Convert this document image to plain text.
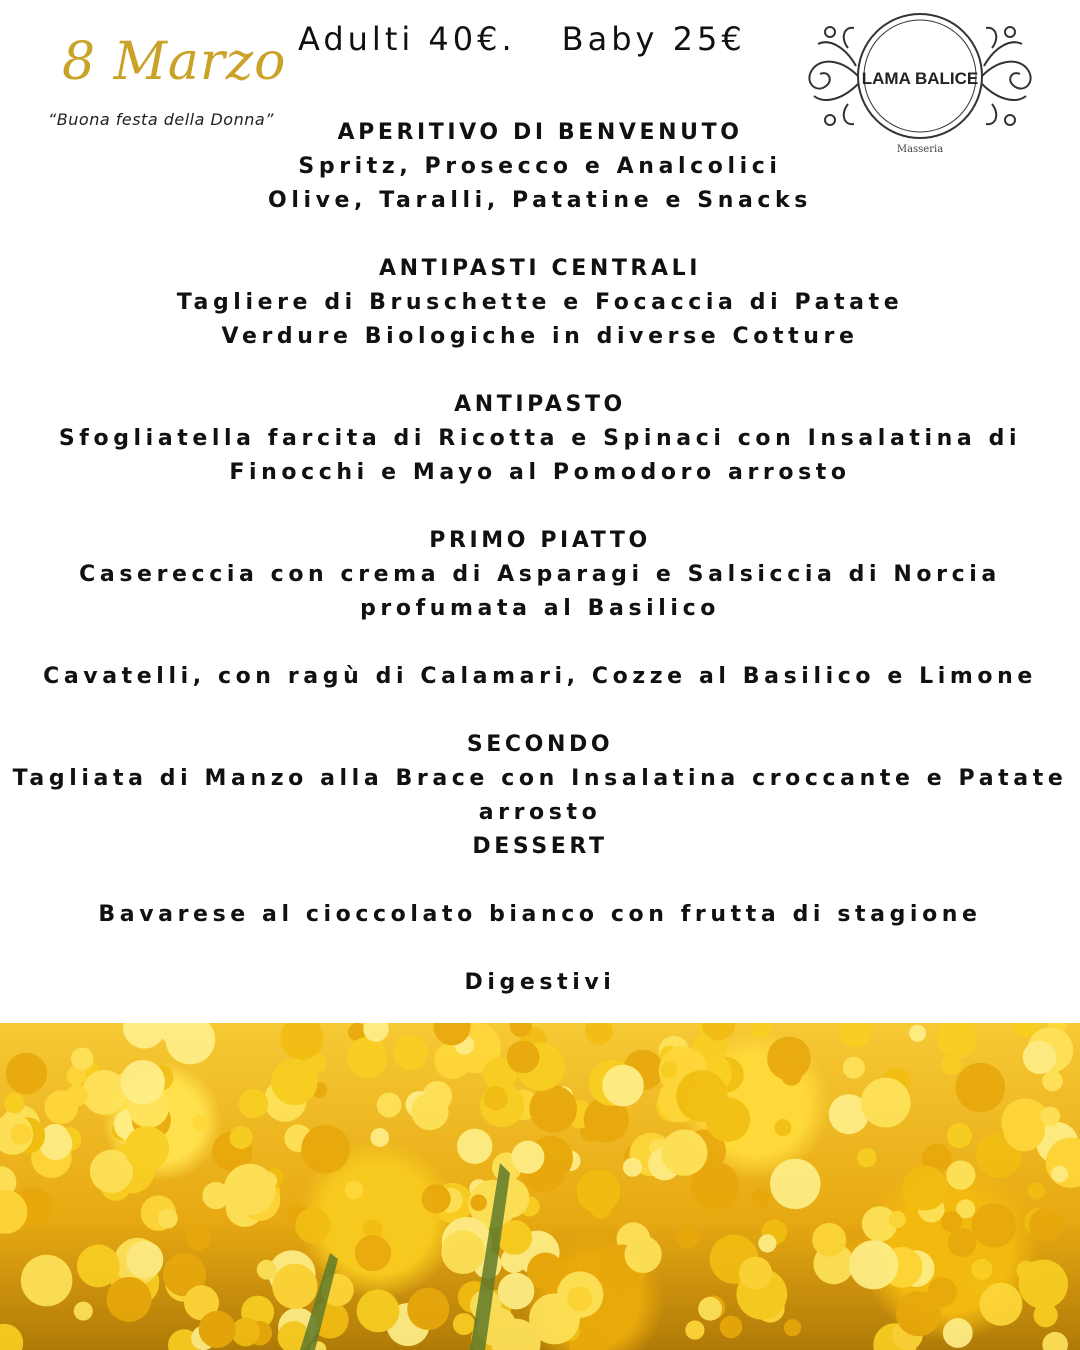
8 Marzo
“Buona festa della Donna”
Adulti 40€. Baby 25€
LAMA BALICE
Masseria
APERITIVO DI BENVENUTO
Spritz, Prosecco e Analcolici
Olive, Taralli, Patatine e Snacks
ANTIPASTI CENTRALI
Tagliere di Bruschette e Focaccia di Patate
Verdure Biologiche in diverse Cotture
ANTIPASTO
Sfogliatella farcita di Ricotta e Spinaci con Insalatina di Finocchi e Mayo al Pomodoro arrosto
PRIMO PIATTO
Casereccia con crema di Asparagi e Salsiccia di Norcia profumata al Basilico
Cavatelli, con ragù di Calamari, Cozze al Basilico e Limone
SECONDO
Tagliata di Manzo alla Brace con Insalatina croccante e Patate arrosto
DESSERT
Bavarese al cioccolato bianco con frutta di stagione
Digestivi
